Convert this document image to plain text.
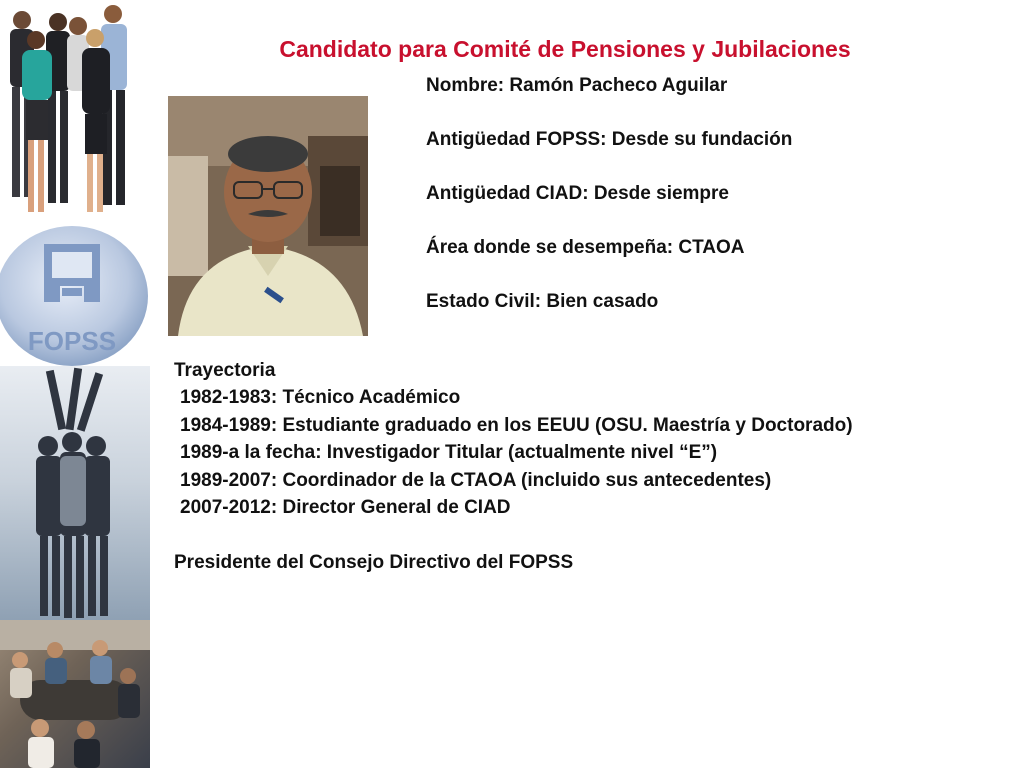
FOPSS
Candidato para Comité de Pensiones y Jubilaciones
Nombre: Ramón Pacheco Aguilar
Antigüedad FOPSS: Desde su fundación
Antigüedad CIAD: Desde siempre
Área donde se desempeña: CTAOA
Estado Civil: Bien casado
Trayectoria
1982-1983: Técnico Académico
1984-1989: Estudiante graduado en los EEUU (OSU. Maestría y Doctorado)
1989-a la fecha: Investigador Titular (actualmente nivel “E”)
1989-2007: Coordinador de la CTAOA (incluido sus antecedentes)
2007-2012: Director General de CIAD
Presidente del Consejo Directivo del FOPSS
